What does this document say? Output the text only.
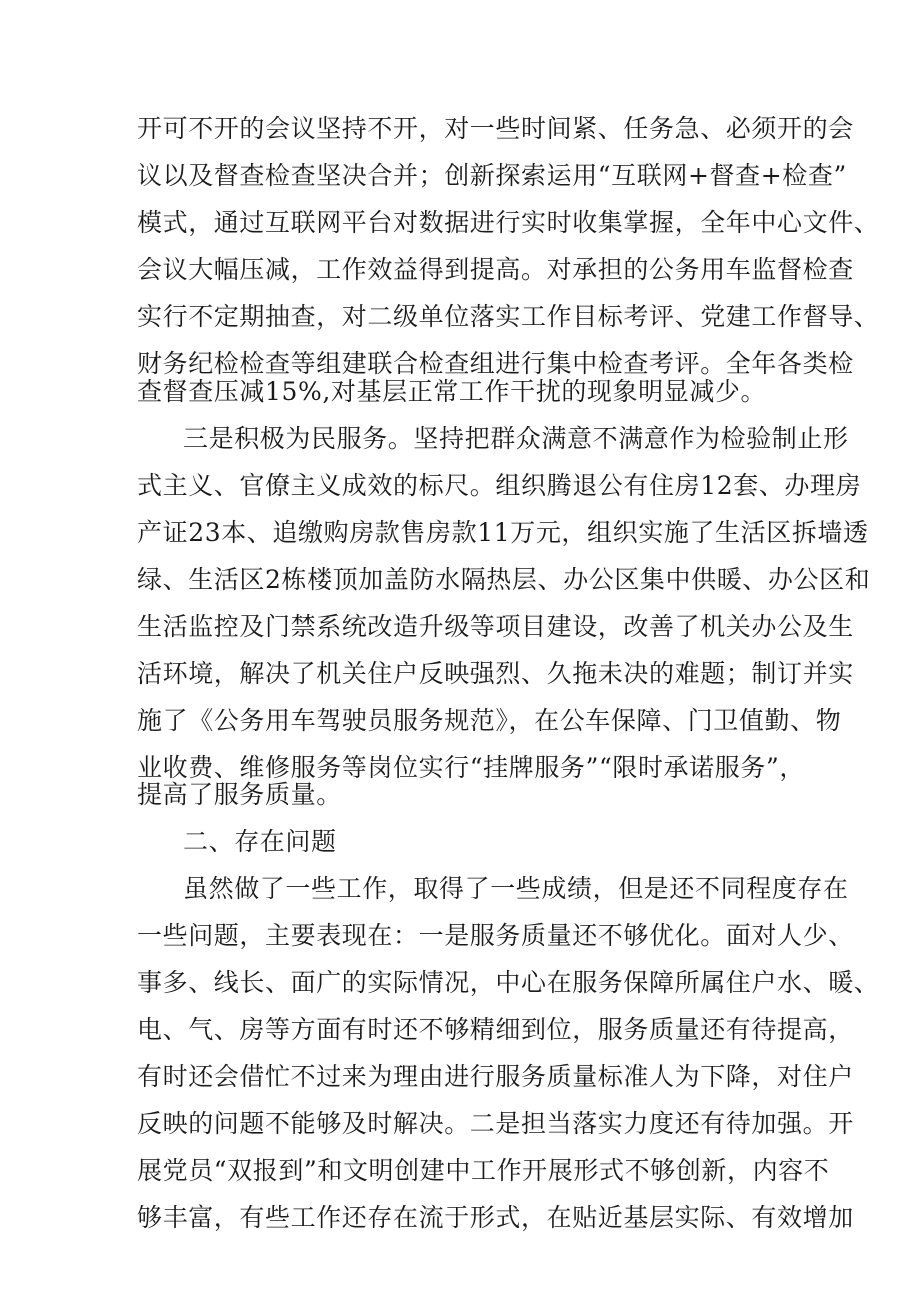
开可不开的会议坚持不开，对一些时间紧、任务急、必须开的会
议以及督查检查坚决合并；创新探索运用“互联网+督查+检查”
模式，通过互联网平台对数据进行实时收集掌握，全年中心文件、
会议大幅压减，工作效益得到提高。对承担的公务用车监督检查
实行不定期抽查，对二级单位落实工作目标考评、党建工作督导、
财务纪检检查等组建联合检查组进行集中检查考评。全年各类检
查督查压减15%,对基层正常工作干扰的现象明显减少。
三是积极为民服务。坚持把群众满意不满意作为检验制止形
式主义、官僚主义成效的标尺。组织腾退公有住房12套、办理房
产证23本、追缴购房款售房款11万元，组织实施了生活区拆墙透
绿、生活区2栋楼顶加盖防水隔热层、办公区集中供暖、办公区和
生活监控及门禁系统改造升级等项目建设，改善了机关办公及生
活环境，解决了机关住户反映强烈、久拖未决的难题；制订并实
施了《公务用车驾驶员服务规范》，在公车保障、门卫值勤、物
业收费、维修服务等岗位实行“挂牌服务”“限时承诺服务”，
提高了服务质量。
二、存在问题
虽然做了一些工作，取得了一些成绩，但是还不同程度存在
一些问题，主要表现在：一是服务质量还不够优化。面对人少、
事多、线长、面广的实际情况，中心在服务保障所属住户水、暖、
电、气、房等方面有时还不够精细到位，服务质量还有待提高，
有时还会借忙不过来为理由进行服务质量标准人为下降，对住户
反映的问题不能够及时解决。二是担当落实力度还有待加强。开
展党员“双报到”和文明创建中工作开展形式不够创新，内容不
够丰富，有些工作还存在流于形式，在贴近基层实际、有效增加
